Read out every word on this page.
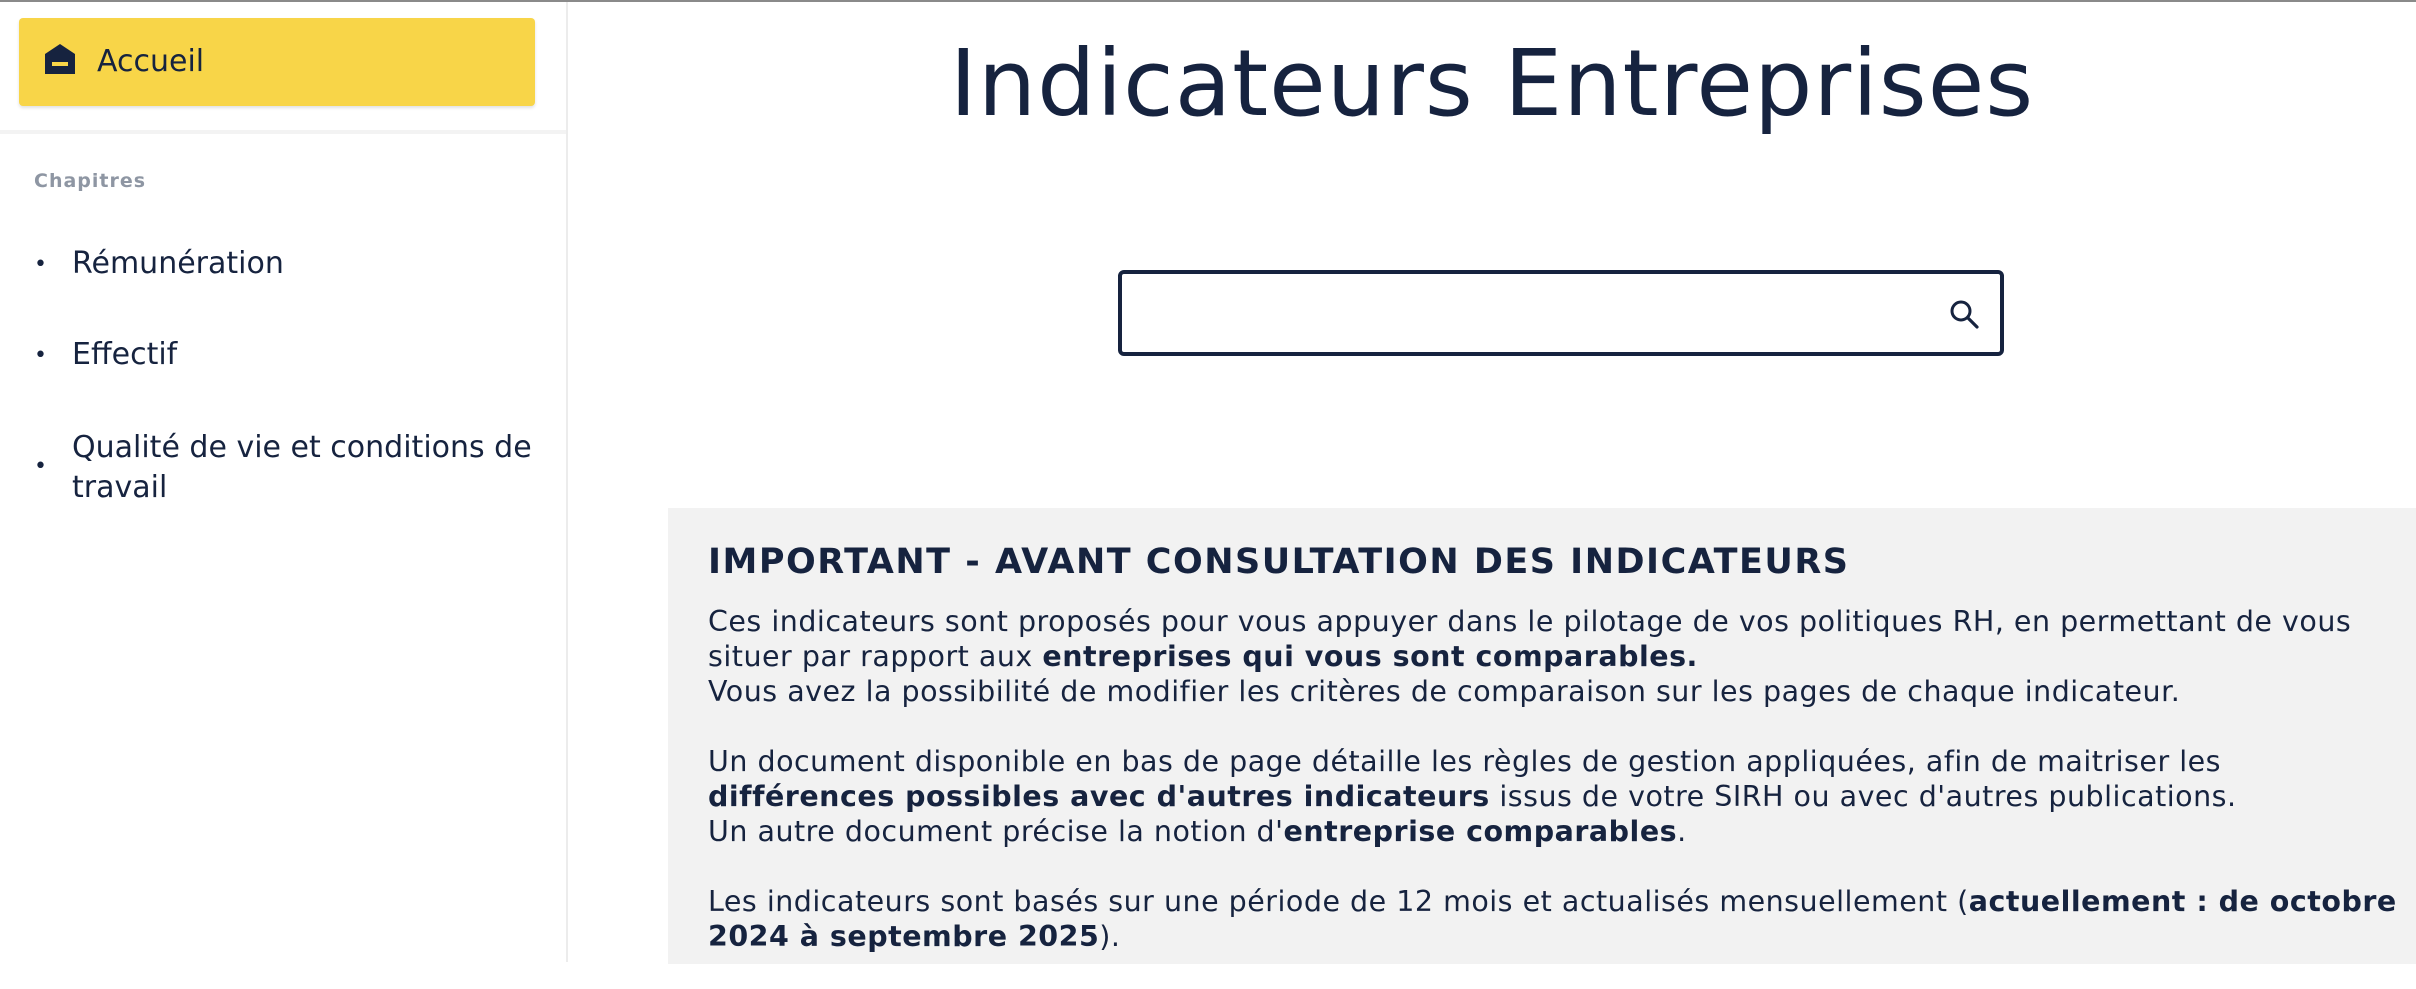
Accueil
Chapitres
• Rémunération
• Effectif
•
Qualité de vie et conditions de travail
Indicateurs Entreprises
IMPORTANT - AVANT CONSULTATION DES INDICATEURS

Ces indicateurs sont proposés pour vous appuyer dans le pilotage de vos politiques RH, en permettant de vous situer par rapport aux entreprises qui vous sont comparables.
Vous avez la possibilité de modifier les critères de comparaison sur les pages de chaque indicateur.

Un document disponible en bas de page détaille les règles de gestion appliquées, afin de maitriser les différences possibles avec d'autres indicateurs issus de votre SIRH ou avec d'autres publications.
Un autre document précise la notion d'entreprise comparables.

Les indicateurs sont basés sur une période de 12 mois et actualisés mensuellement (actuellement : de octobre 2024 à septembre 2025).
